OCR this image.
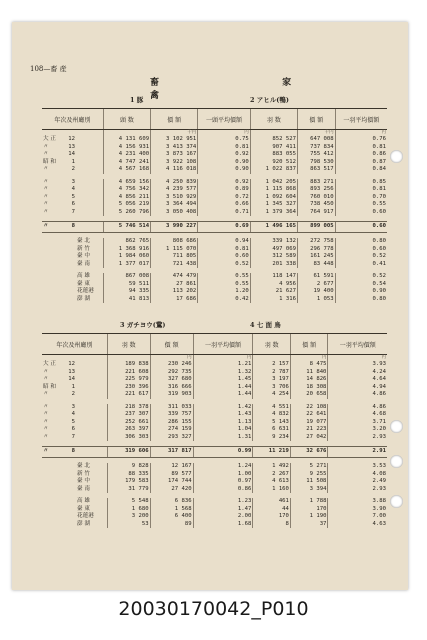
108—畜 産
畜 家 禽
1 豚	2 アヒル(鴨)
年次及州廳別			頭 数	價 額	一頭平均價額	羽 数	價 額	一羽平均價額
				千円	円		千円	円
大 正	12		4 131 609	3 102 951	0.75	852 527	647 008	0.76
〃	13		4 156 931	3 413 374	0.81	907 411	737 834	0.81
〃	14		4 231 400	3 873 167	0.92	883 055	755 412	0.86
昭 和	1		4 747 241	3 922 108	0.90	920 512	798 530	0.87
〃	2		4 567 168	4 116 018	0.90	1 022 837	863 517	0.84

〃	3		4 659 156	4 250 839	0.92	1 042 205	883 271	0.85
〃	4		4 756 342	4 239 577	0.89	1 115 868	893 256	0.81
〃	5		4 856 211	3 510 929	0.72	1 092 604	760 010	0.70
〃	6		5 056 219	3 364 494	0.66	1 345 327	738 450	0.55
〃	7		5 260 796	3 050 408	0.71	1 379 364	764 917	0.60

〃	8		5 746 514	3 990 227	0.69	1 496 165	899 005	0.60

		臺 北	862 765	808 686	0.94	339 132	272 758	0.80
		新 竹	1 368 916	1 115 070	0.81	497 069	296 778	0.60
		臺 中	1 984 060	711 805	0.60	312 589	161 245	0.52
		臺 南	1 377 017	721 438	0.52	201 338	83 448	0.41

		高 雄	867 008	474 479	0.55	118 147	61 591	0.52
		臺 東	59 511	27 861	0.55	4 956	2 677	0.54
		花蓮港	94 335	113 202	1.20	21 627	19 400	0.90
		澎 湖	41 813	17 686	0.42	1 316	1 053	0.80
3 ガチヨウ(鵞)	4 七 面 鳥
年次及州廳別			羽 数	價 額	一羽平均價額	羽 数	價 額	一羽平均價額
				円	円		円	円
大 正	12		189 838	230 246	1.21	2 157	8 475	3.93
〃	13		221 608	292 735	1.32	2 787	11 840	4.24
〃	14		225 979	327 680	1.45	3 197	14 826	4.64
昭 和	1		230 396	316 666	1.44	3 706	18 308	4.94
〃	2		221 617	319 903	1.44	4 254	20 658	4.86

〃	3		218 378	311 033	1.42	4 551	22 108	4.86
〃	4		237 307	339 757	1.43	4 832	22 641	4.68
〃	5		252 661	286 155	1.13	5 143	19 077	3.71
〃	6		263 397	274 159	1.04	6 631	21 223	3.20
〃	7		306 303	293 327	1.31	9 234	27 042	2.93

〃	8		319 606	317 817	0.99	11 219	32 676	2.91

		臺 北	9 828	12 167	1.24	1 492	5 271	3.53
		新 竹	88 335	89 577	1.00	2 267	9 255	4.08
		臺 中	179 583	174 744	0.97	4 613	11 508	2.49
		臺 南	31 779	27 420	0.86	1 160	3 394	2.93

		高 雄	5 548	6 836	1.23	461	1 788	3.88
		臺 東	1 680	1 568	1.47	44	170	3.90
		花蓮港	3 200	6 400	2.00	170	1 190	7.00
		澎 湖	53	89	1.68	8	37	4.63
20030170042_P010
